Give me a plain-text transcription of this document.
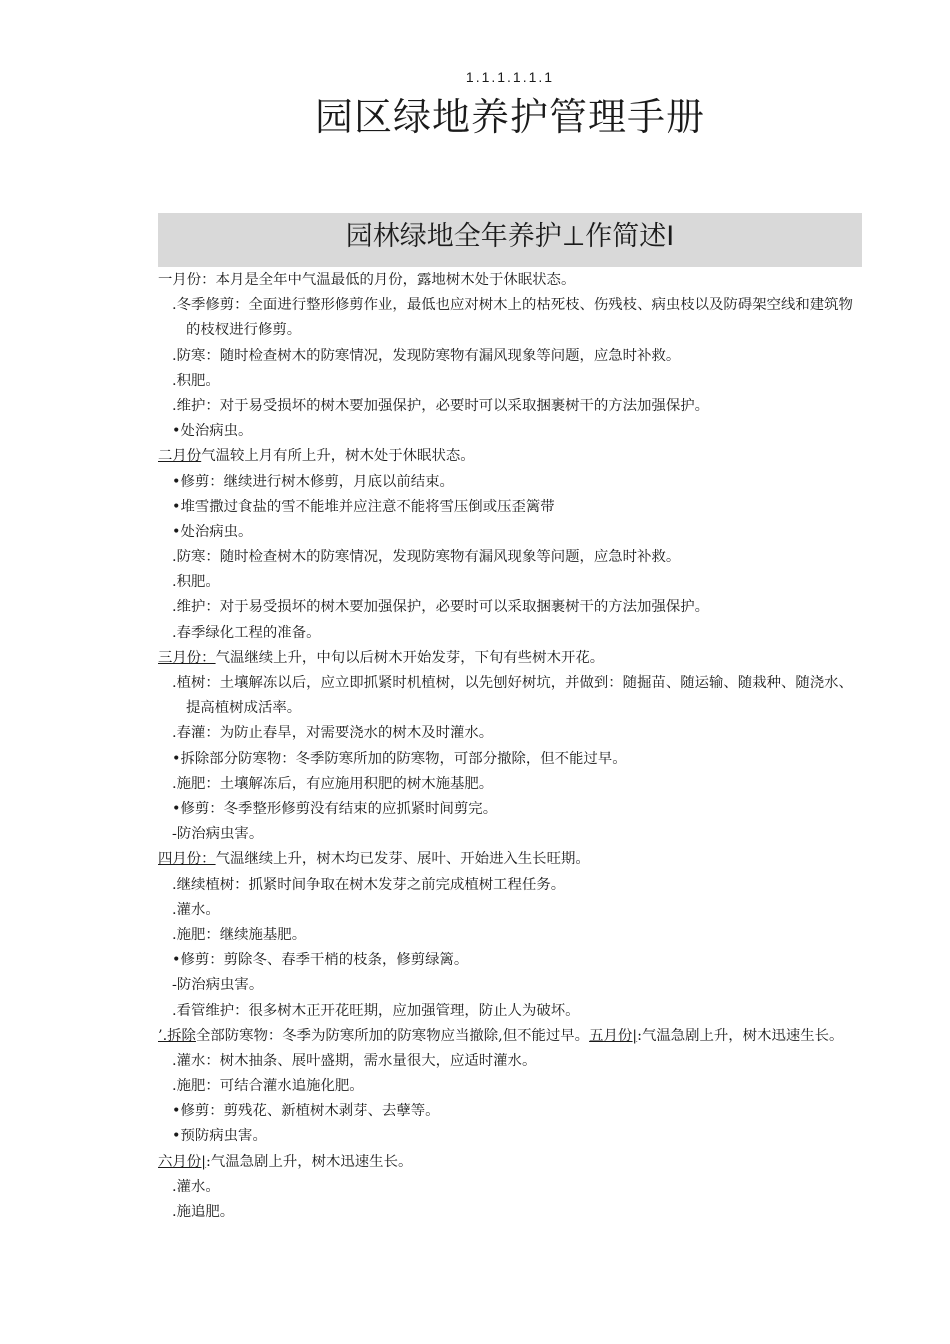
1.1.1.1.1.1
园区绿地养护管理手册
园林绿地全年养护⊥作简述Ⅰ
一月份：本月是全年中气温最低的月份，露地树木处于休眠状态。
.冬季修剪：全面进行整形修剪作业，最低也应对树木上的枯死枝、伤残枝、病虫枝以及防碍架空线和建筑物的枝杈进行修剪。
.防寒：随时检查树木的防寒情况，发现防寒物有漏风现象等问题，应急时补救。
.积肥。
.维护：对于易受损坏的树木要加强保护，必要时可以采取捆裹树干的方法加强保护。
•处治病虫。
二月份气温较上月有所上升，树木处于休眠状态。
•修剪：继续进行树木修剪，月底以前结束。
•堆雪撒过食盐的雪不能堆并应注意不能将雪压倒或压歪篱带
•处治病虫。
.防寒：随时检查树木的防寒情况，发现防寒物有漏风现象等问题，应急时补救。
.积肥。
.维护：对于易受损坏的树木要加强保护，必要时可以采取捆裹树干的方法加强保护。
.春季绿化工程的准备。
三月份：气温继续上升，中旬以后树木开始发芽，下旬有些树木开花。
.植树：土壤解冻以后，应立即抓紧时机植树，以先刨好树坑，并做到：随掘苗、随运输、随栽种、随浇水、提高植树成活率。
.春灌：为防止春旱，对需要浇水的树木及时灌水。
•拆除部分防寒物：冬季防寒所加的防寒物，可部分撤除，但不能过早。
.施肥：土壤解冻后，有应施用积肥的树木施基肥。
•修剪：冬季整形修剪没有结束的应抓紧时间剪完。
-防治病虫害。
四月份：气温继续上升，树木均已发芽、展叶、开始进入生长旺期。
.继续植树：抓紧时间争取在树木发芽之前完成植树工程任务。
.灌水。
.施肥：继续施基肥。
•修剪：剪除冬、春季干梢的枝条，修剪绿篱。
-防治病虫害。
.看管维护：很多树木正开花旺期，应加强管理，防止人为破坏。
’.拆除全部防寒物：冬季为防寒所加的防寒物应当撤除,但不能过早。五月份|:气温急剧上升，树木迅速生长。
.灌水：树木抽条、展叶盛期，需水量很大，应适时灌水。
.施肥：可结合灌水追施化肥。
•修剪：剪残花、新植树木剥芽、去孽等。
•预防病虫害。
六月份|:气温急剧上升，树木迅速生长。
.灌水。
.施追肥。
